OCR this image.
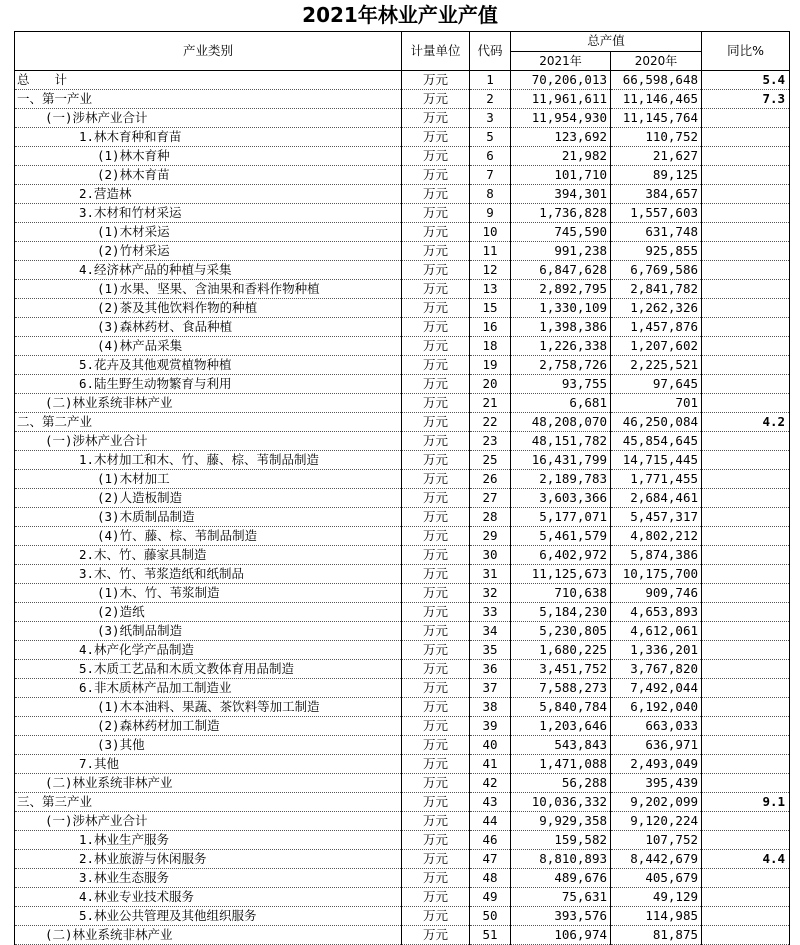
2021年林业产业产值
产业类别	计量单位	代码	总产值		同比%
			2021年	2020年	
总　　计	万元	1	70,206,013	66,598,648	5.4
一、第一产业	万元	2	11,961,611	11,146,465	7.3
(一)涉林产业合计	万元	3	11,954,930	11,145,764	
1.林木育种和育苗	万元	5	123,692	110,752	
(1)林木育种	万元	6	21,982	21,627	
(2)林木育苗	万元	7	101,710	89,125	
2.营造林	万元	8	394,301	384,657	
3.木材和竹材采运	万元	9	1,736,828	1,557,603	
(1)木材采运	万元	10	745,590	631,748	
(2)竹材采运	万元	11	991,238	925,855	
4.经济林产品的种植与采集	万元	12	6,847,628	6,769,586	
(1)水果、坚果、含油果和香料作物种植	万元	13	2,892,795	2,841,782	
(2)茶及其他饮料作物的种植	万元	15	1,330,109	1,262,326	
(3)森林药材、食品种植	万元	16	1,398,386	1,457,876	
(4)林产品采集	万元	18	1,226,338	1,207,602	
5.花卉及其他观赏植物种植	万元	19	2,758,726	2,225,521	
6.陆生野生动物繁育与利用	万元	20	93,755	97,645	
(二)林业系统非林产业	万元	21	6,681	701	
二、第二产业	万元	22	48,208,070	46,250,084	4.2
(一)涉林产业合计	万元	23	48,151,782	45,854,645	
1.木材加工和木、竹、藤、棕、苇制品制造	万元	25	16,431,799	14,715,445	
(1)木材加工	万元	26	2,189,783	1,771,455	
(2)人造板制造	万元	27	3,603,366	2,684,461	
(3)木质制品制造	万元	28	5,177,071	5,457,317	
(4)竹、藤、棕、苇制品制造	万元	29	5,461,579	4,802,212	
2.木、竹、藤家具制造	万元	30	6,402,972	5,874,386	
3.木、竹、苇浆造纸和纸制品	万元	31	11,125,673	10,175,700	
(1)木、竹、苇浆制造	万元	32	710,638	909,746	
(2)造纸	万元	33	5,184,230	4,653,893	
(3)纸制品制造	万元	34	5,230,805	4,612,061	
4.林产化学产品制造	万元	35	1,680,225	1,336,201	
5.木质工艺品和木质文教体育用品制造	万元	36	3,451,752	3,767,820	
6.非木质林产品加工制造业	万元	37	7,588,273	7,492,044	
(1)木本油料、果蔬、茶饮料等加工制造	万元	38	5,840,784	6,192,040	
(2)森林药材加工制造	万元	39	1,203,646	663,033	
(3)其他	万元	40	543,843	636,971	
7.其他	万元	41	1,471,088	2,493,049	
(二)林业系统非林产业	万元	42	56,288	395,439	
三、第三产业	万元	43	10,036,332	9,202,099	9.1
(一)涉林产业合计	万元	44	9,929,358	9,120,224	
1.林业生产服务	万元	46	159,582	107,752	
2.林业旅游与休闲服务	万元	47	8,810,893	8,442,679	4.4
3.林业生态服务	万元	48	489,676	405,679	
4.林业专业技术服务	万元	49	75,631	49,129	
5.林业公共管理及其他组织服务	万元	50	393,576	114,985	
(二)林业系统非林产业	万元	51	106,974	81,875	
